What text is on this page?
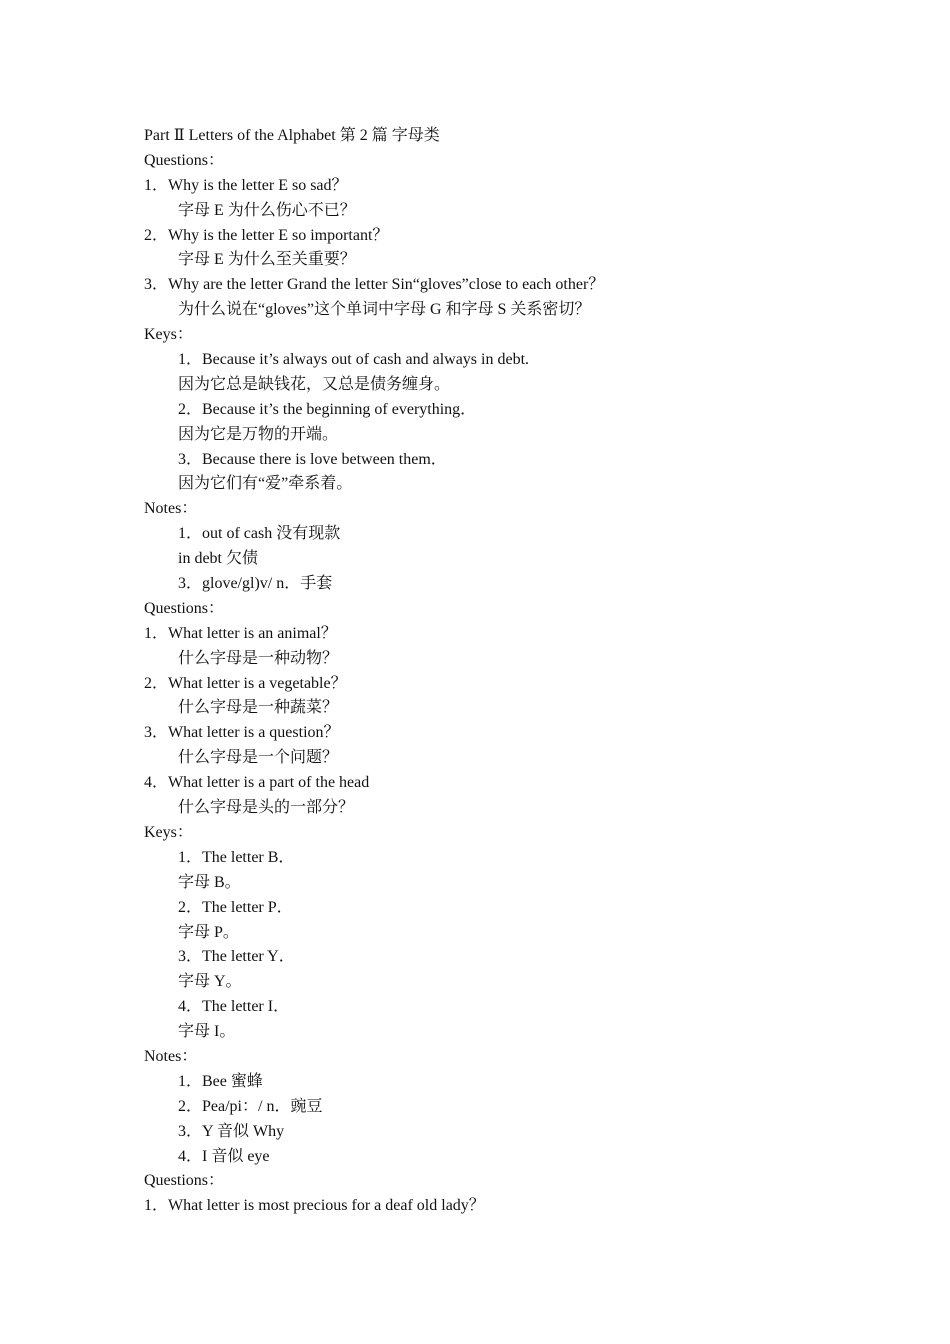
Part Ⅱ Letters of the Alphabet 第 2 篇 字母类
Questions：
1．Why is the letter E so sad？
字母 E 为什么伤心不已？
2．Why is the letter E so important？
字母 E 为什么至关重要？
3．Why are the letter Grand the letter Sin“gloves”close to each other？
为什么说在“gloves”这个单词中字母 G 和字母 S 关系密切？
Keys：
1．Because it’s always out of cash and always in debt.
因为它总是缺钱花，又总是债务缠身。
2．Because it’s the beginning of everything．
因为它是万物的开端。
3．Because there is love between them．
因为它们有“爱”牵系着。
Notes：
1．out of cash 没有现款
in debt 欠债
3．glove/gl)v/ n．手套
Questions：
1．What letter is an animal？
什么字母是一种动物？
2．What letter is a vegetable？
什么字母是一种蔬菜？
3．What letter is a question？
什么字母是一个问题？
4．What letter is a part of the head
什么字母是头的一部分？
Keys：
1．The letter B．
字母 B。
2．The letter P．
字母 P。
3．The letter Y．
字母 Y。
4．The letter I．
字母 I。
Notes：
1．Bee 蜜蜂
2．Pea/pi：/ n．豌豆
3．Y 音似 Why
4．I 音似 eye
Questions：
1．What letter is most precious for a deaf old lady？
